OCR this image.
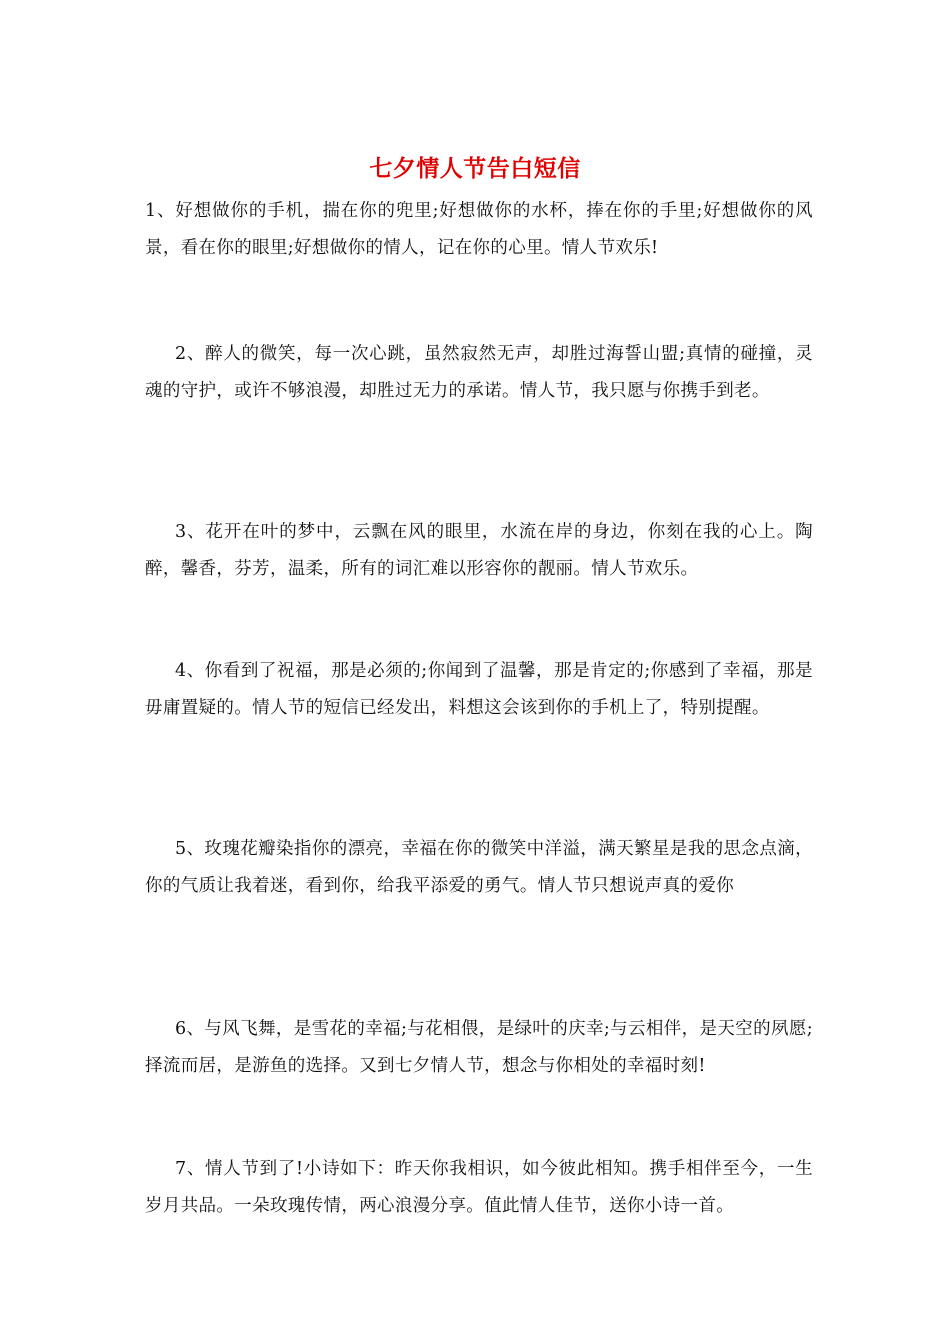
七夕情人节告白短信

1、好想做你的手机，揣在你的兜里;好想做你的水杯，捧在你的手里;好想做你的风景，看在你的眼里;好想做你的情人，记在你的心里。情人节欢乐!

2、醉人的微笑，每一次心跳，虽然寂然无声，却胜过海誓山盟;真情的碰撞，灵魂的守护，或许不够浪漫，却胜过无力的承诺。情人节，我只愿与你携手到老。

3、花开在叶的梦中，云飘在风的眼里，水流在岸的身边，你刻在我的心上。陶醉，馨香，芬芳，温柔，所有的词汇难以形容你的靓丽。情人节欢乐。

4、你看到了祝福，那是必须的;你闻到了温馨，那是肯定的;你感到了幸福，那是毋庸置疑的。情人节的短信已经发出，料想这会该到你的手机上了，特别提醒。

5、玫瑰花瓣染指你的漂亮，幸福在你的微笑中洋溢，满天繁星是我的思念点滴，你的气质让我着迷，看到你，给我平添爱的勇气。情人节只想说声真的爱你

6、与风飞舞，是雪花的幸福;与花相偎，是绿叶的庆幸;与云相伴，是天空的夙愿;择流而居，是游鱼的选择。又到七夕情人节，想念与你相处的幸福时刻!

7、情人节到了!小诗如下：昨天你我相识，如今彼此相知。携手相伴至今，一生岁月共品。一朵玫瑰传情，两心浪漫分享。值此情人佳节，送你小诗一首。
